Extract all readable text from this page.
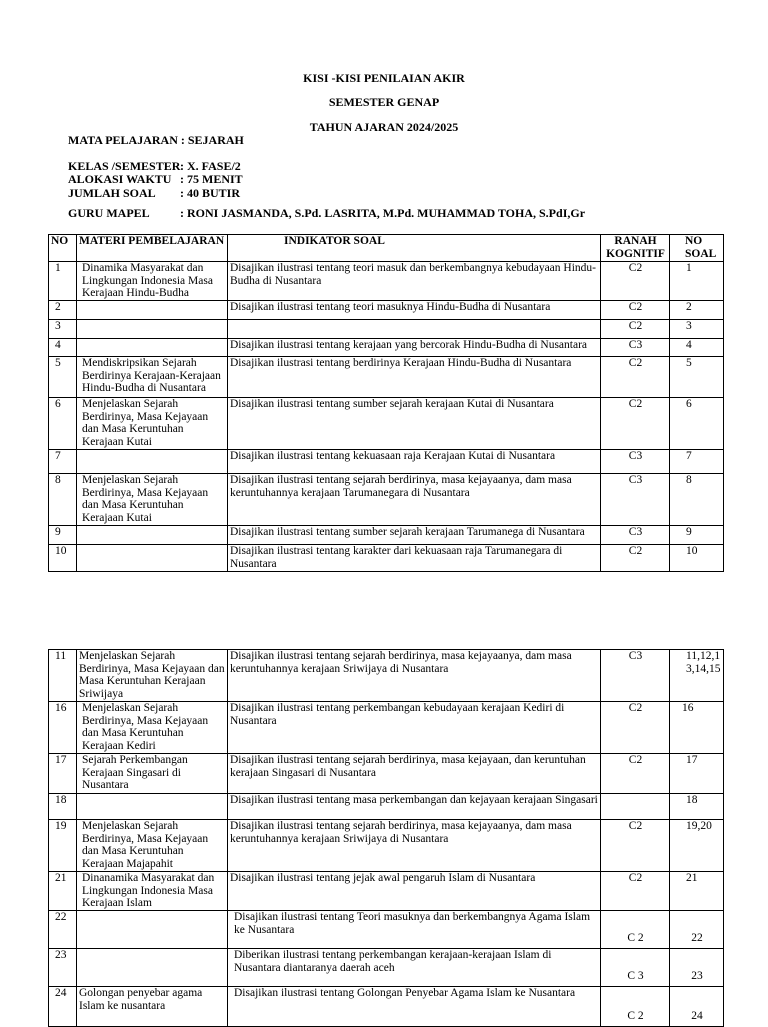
KISI -KISI PENILAIAN AKIR
SEMESTER GENAP
TAHUN AJARAN 2024/2025
MATA PELAJARAN : SEJARAH
KELAS /SEMESTER: X. FASE/2
ALOKASI WAKTU : 75 MENIT
JUMLAH SOAL : 40 BUTIR
GURU MAPEL	: RONI JASMANDA, S.Pd. LASRITA, M.Pd. MUHAMMAD TOHA, S.PdI,Gr
NO	MATERI PEMBELAJARAN	INDIKATOR SOAL	RANAH KOGNITIF	NO SOAL
1	Dinamika Masyarakat dan Lingkungan Indonesia Masa Kerajaan Hindu-Budha	Disajikan ilustrasi tentang teori masuk dan berkembangnya kebudayaan Hindu-Budha di Nusantara	C2	1
2		Disajikan ilustrasi tentang teori masuknya Hindu-Budha di Nusantara	C2	2
3			C2	3
4		Disajikan ilustrasi tentang kerajaan yang bercorak Hindu-Budha di Nusantara	C3	4
5	Mendiskripsikan Sejarah Berdirinya Kerajaan-Kerajaan Hindu-Budha di Nusantara	Disajikan ilustrasi tentang berdirinya Kerajaan Hindu-Budha di Nusantara	C2	5
6	Menjelaskan Sejarah Berdirinya, Masa Kejayaan dan Masa Keruntuhan Kerajaan Kutai	Disajikan ilustrasi tentang sumber sejarah kerajaan Kutai di Nusantara	C2	6
7		Disajikan ilustrasi tentang kekuasaan raja Kerajaan Kutai di Nusantara	C3	7
8	Menjelaskan Sejarah Berdirinya, Masa Kejayaan dan Masa Keruntuhan Kerajaan Kutai	Disajikan ilustrasi tentang sejarah berdirinya, masa kejayaanya, dam masa keruntuhannya kerajaan Tarumanegara di Nusantara	C3	8
9		Disajikan ilustrasi tentang sumber sejarah kerajaan Tarumanega di Nusantara	C3	9
10		Disajikan ilustrasi tentang karakter dari kekuasaan raja Tarumanegara di Nusantara	C2	10
11	Menjelaskan Sejarah Berdirinya, Masa Kejayaan dan Masa Keruntuhan Kerajaan Sriwijaya	Disajikan ilustrasi tentang sejarah berdirinya, masa kejayaanya, dam masa keruntuhannya kerajaan Sriwijaya di Nusantara	C3	11,12,13,14,15
16	Menjelaskan Sejarah Berdirinya, Masa Kejayaan dan Masa Keruntuhan Kerajaan Kediri	Disajikan ilustrasi tentang perkembangan kebudayaan kerajaan Kediri di Nusantara	C2	16
17	Sejarah Perkembangan Kerajaan Singasari di Nusantara	Disajikan ilustrasi tentang sejarah berdirinya, masa kejayaan, dan keruntuhan kerajaan Singasari di Nusantara	C2	17
18		Disajikan ilustrasi tentang masa perkembangan dan kejayaan kerajaan Singasari		18
19	Menjelaskan Sejarah Berdirinya, Masa Kejayaan dan Masa Keruntuhan Kerajaan Majapahit	Disajikan ilustrasi tentang sejarah berdirinya, masa kejayaanya, dam masa keruntuhannya kerajaan Sriwijaya di Nusantara	C2	19,20
21	Dinanamika Masyarakat dan Lingkungan Indonesia Masa Kerajaan Islam	Disajikan ilustrasi tentang jejak awal pengaruh Islam di Nusantara	C2	21
22		Disajikan ilustrasi tentang Teori masuknya dan berkembangnya Agama Islam ke Nusantara	C 2	22
23		Diberikan ilustrasi tentang perkembangan kerajaan-kerajaan Islam di Nusantara diantaranya daerah aceh	C 3	23
24	Golongan penyebar agama Islam ke nusantara	Disajikan ilustrasi tentang Golongan Penyebar Agama Islam ke Nusantara	C 2	24
